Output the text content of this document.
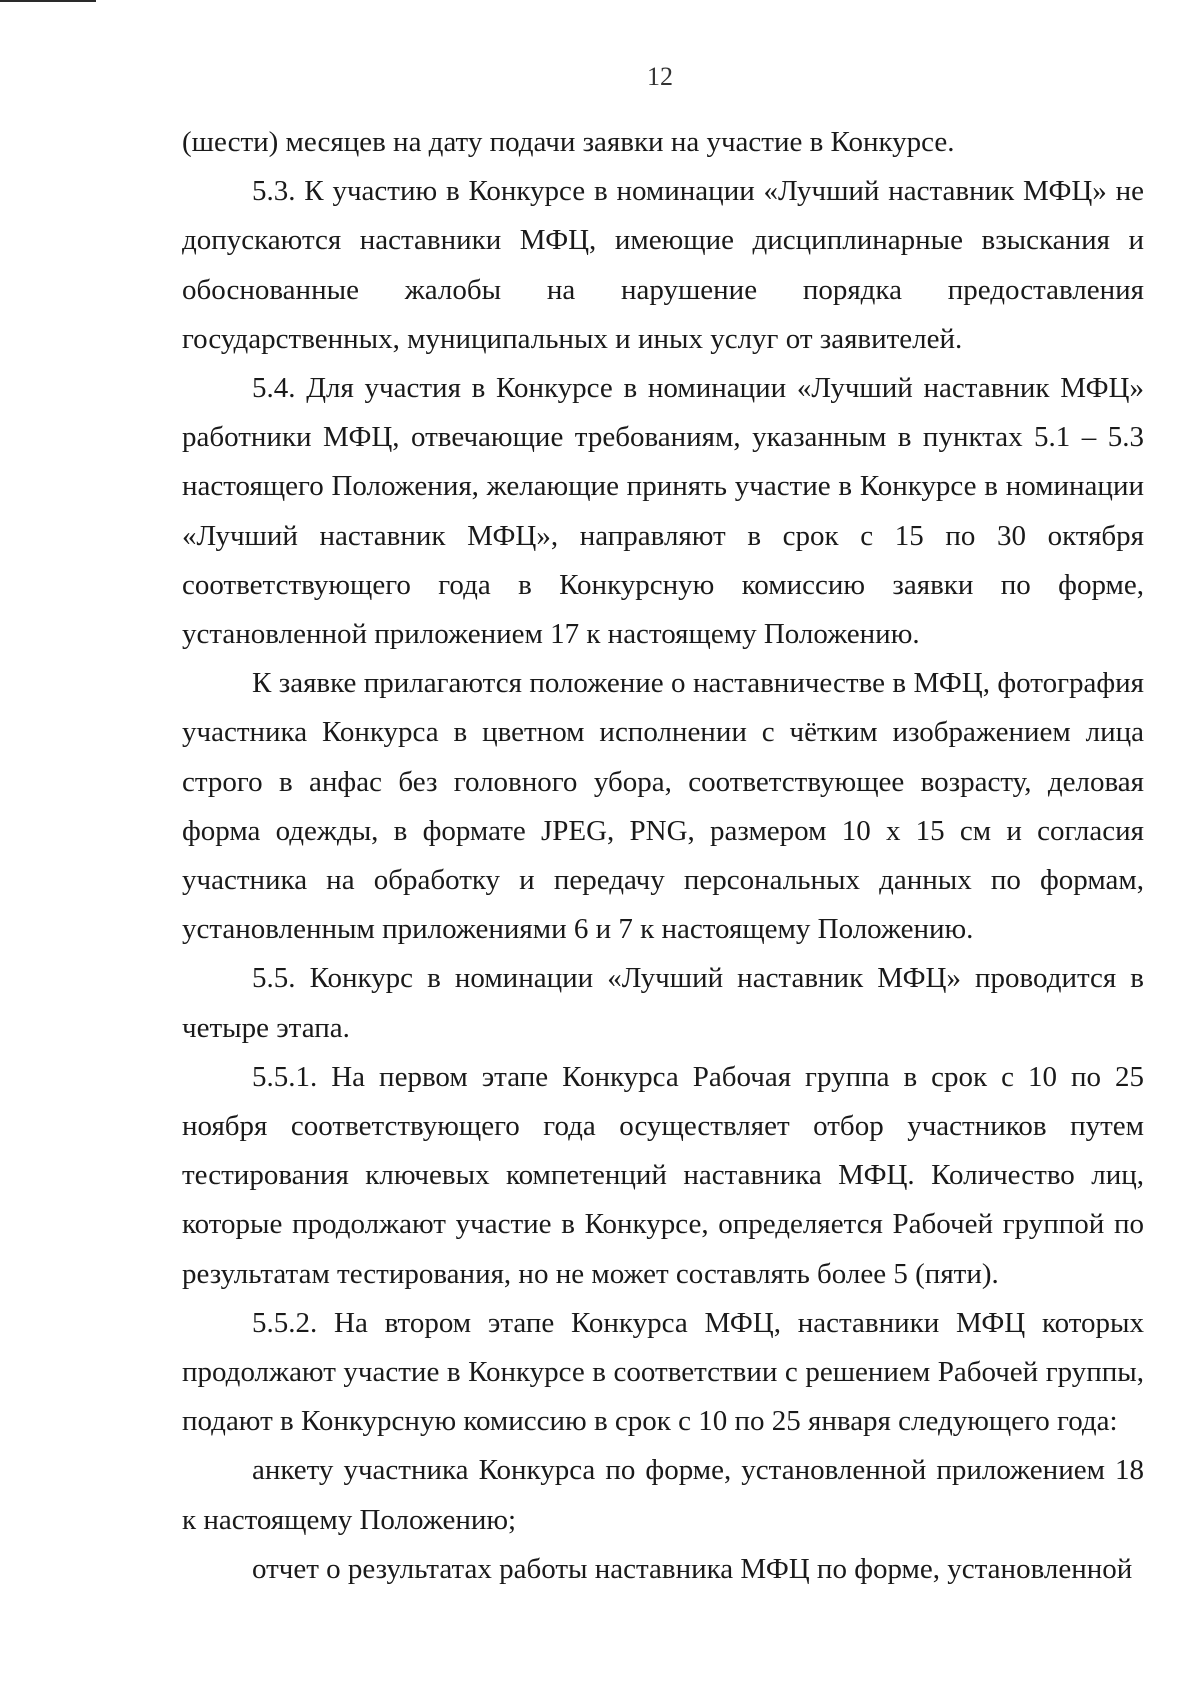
12

(шести) месяцев на дату подачи заявки на участие в Конкурсе.

5.3. К участию в Конкурсе в номинации «Лучший наставник МФЦ» не допускаются наставники МФЦ, имеющие дисциплинарные взыскания и обоснованные жалобы на нарушение порядка предоставления государственных, муниципальных и иных услуг от заявителей.

5.4. Для участия в Конкурсе в номинации «Лучший наставник МФЦ» работники МФЦ, отвечающие требованиям, указанным в пунктах 5.1 – 5.3 настоящего Положения, желающие принять участие в Конкурсе в номинации «Лучший наставник МФЦ», направляют в срок с 15 по 30 октября соответствующего года в Конкурсную комиссию заявки по форме, установленной приложением 17 к настоящему Положению.

К заявке прилагаются положение о наставничестве в МФЦ, фотография участника Конкурса в цветном исполнении с чётким изображением лица строго в анфас без головного убора, соответствующее возрасту, деловая форма одежды, в формате JPEG, PNG, размером 10 x 15 см и согласия участника на обработку и передачу персональных данных по формам, установленным приложениями 6 и 7 к настоящему Положению.

5.5. Конкурс в номинации «Лучший наставник МФЦ» проводится в четыре этапа.

5.5.1. На первом этапе Конкурса Рабочая группа в срок с 10 по 25 ноября соответствующего года осуществляет отбор участников путем тестирования ключевых компетенций наставника МФЦ. Количество лиц, которые продолжают участие в Конкурсе, определяется Рабочей группой по результатам тестирования, но не может составлять более 5 (пяти).

5.5.2. На втором этапе Конкурса МФЦ, наставники МФЦ которых продолжают участие в Конкурсе в соответствии с решением Рабочей группы, подают в Конкурсную комиссию в срок с 10 по 25 января следующего года:

анкету участника Конкурса по форме, установленной приложением 18 к настоящему Положению;

отчет о результатах работы наставника МФЦ по форме, установленной
